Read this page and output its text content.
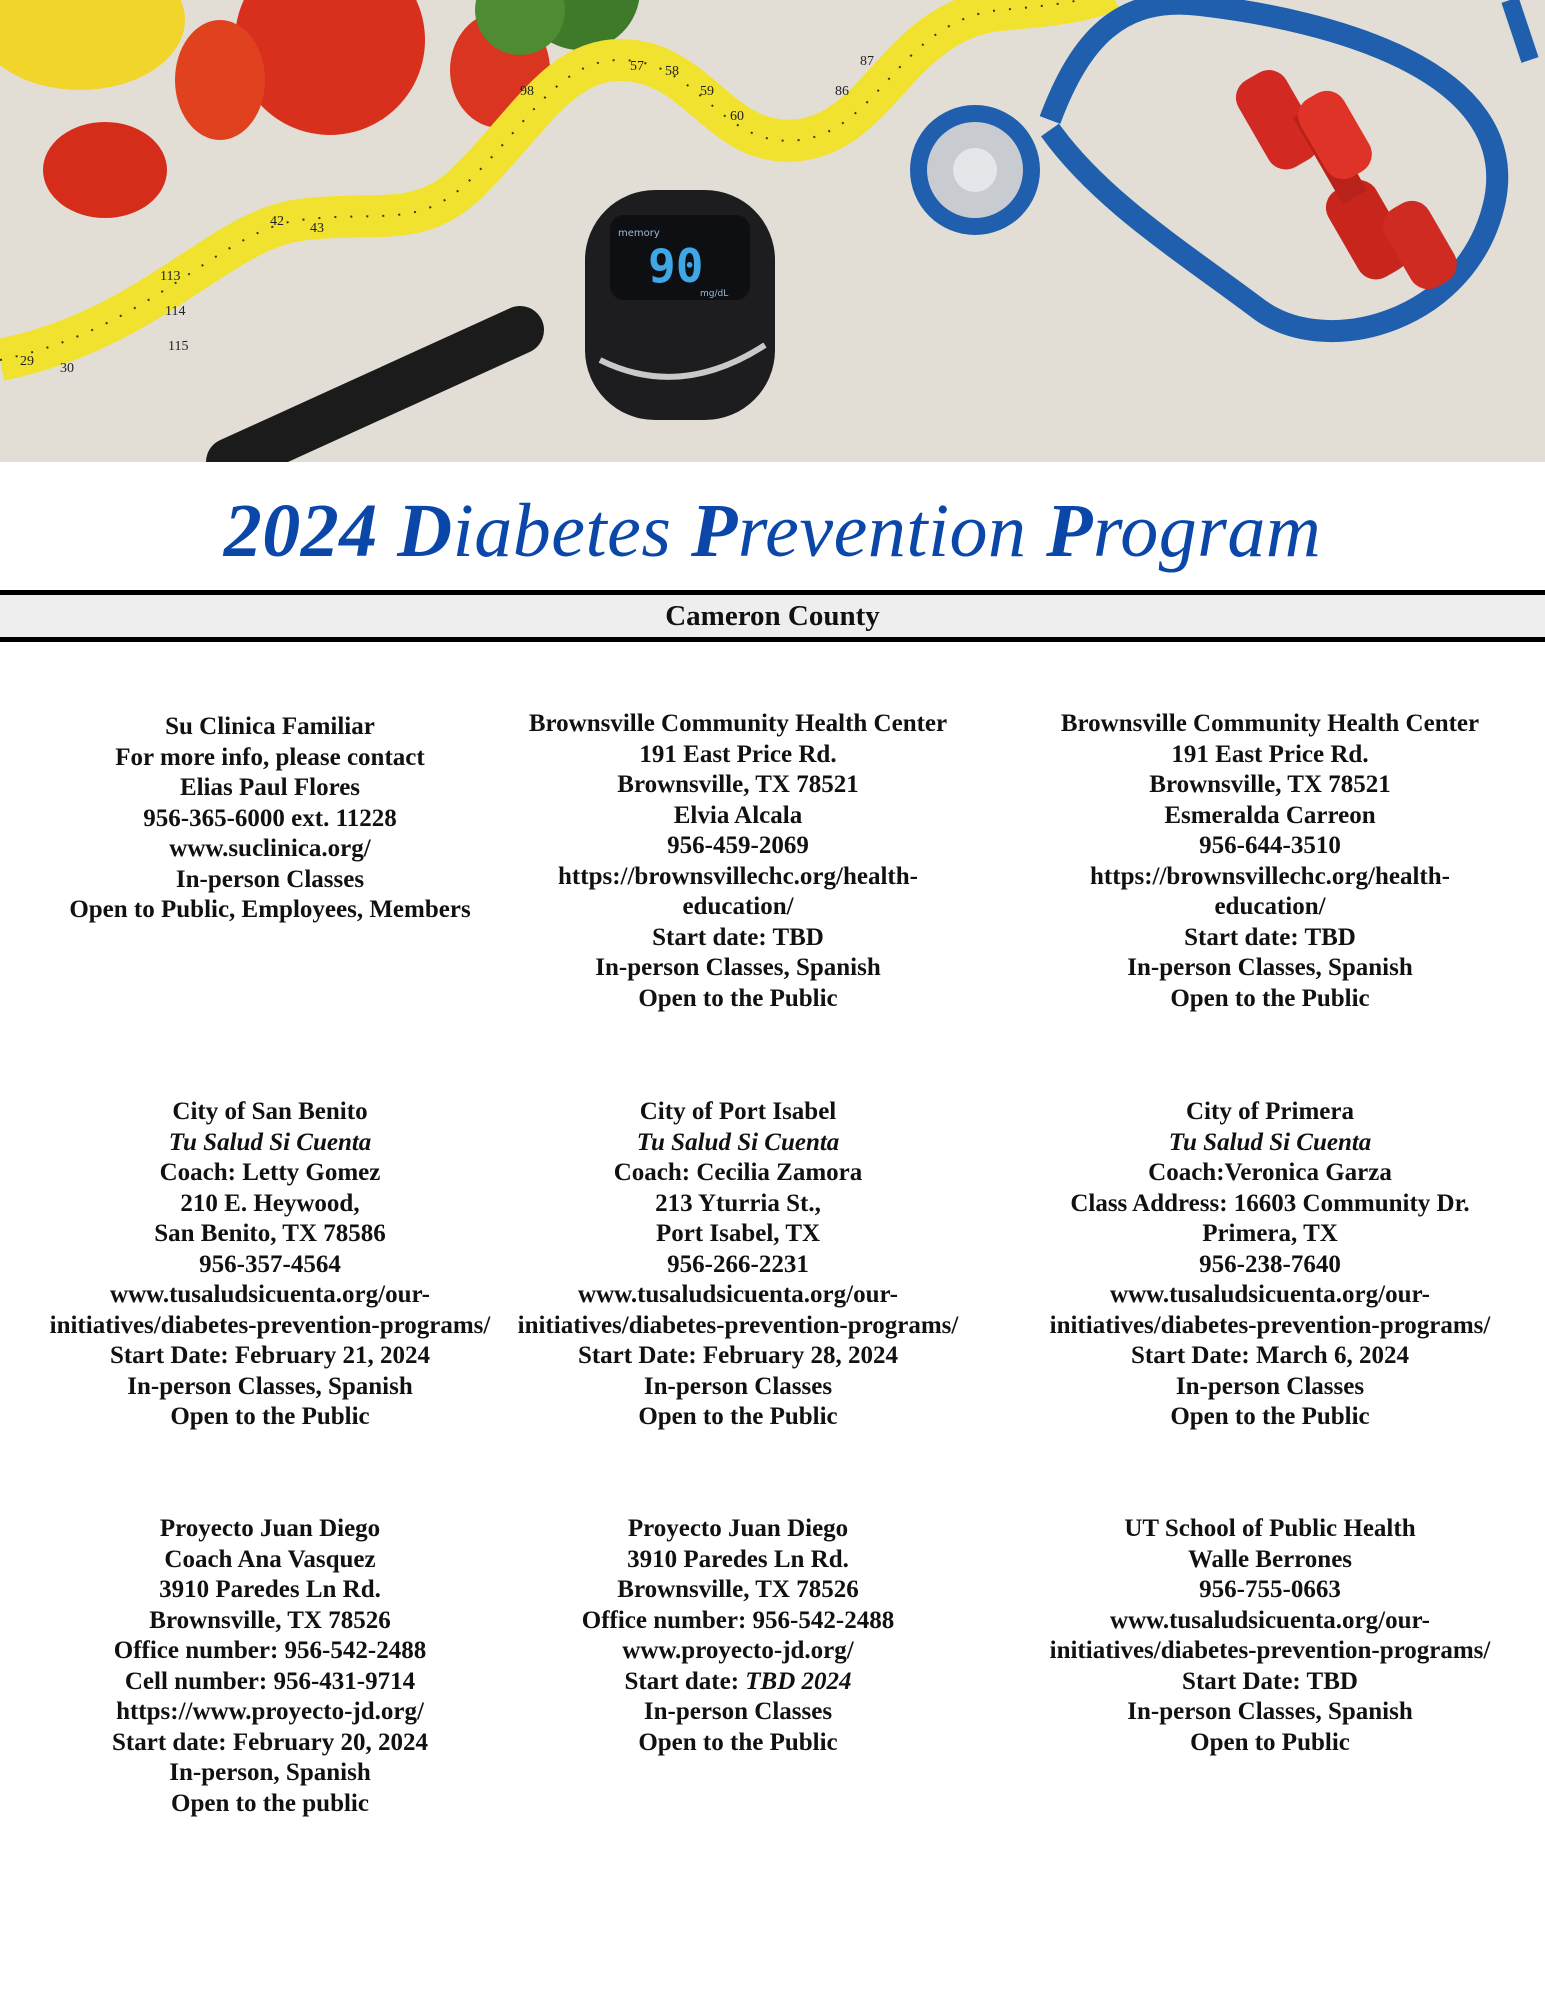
98
57 58
59
60
86
87
113
114
115
29 30
42 43	memory
90
mg/dL
2024 Diabetes Prevention Program
Cameron County
Su Clinica Familiar
For more info, please contact
Elias Paul Flores
956-365-6000 ext. 11228
www.suclinica.org/
In-person Classes
Open to Public, Employees, Members
Brownsville Community Health Center
191 East Price Rd.
Brownsville, TX 78521
Elvia Alcala
956-459-2069
https://brownsvillechc.org/health-
education/
Start date: TBD
In-person Classes, Spanish
Open to the Public
Brownsville Community Health Center
191 East Price Rd.
Brownsville, TX 78521
Esmeralda Carreon
956-644-3510
https://brownsvillechc.org/health-
education/
Start date: TBD
In-person Classes, Spanish
Open to the Public
City of San Benito
Tu Salud Si Cuenta
Coach: Letty Gomez
210 E. Heywood,
San Benito, TX 78586
956-357-4564
www.tusaludsicuenta.org/our-
initiatives/diabetes-prevention-programs/
Start Date: February 21, 2024
In-person Classes, Spanish
Open to the Public
City of Port Isabel
Tu Salud Si Cuenta
Coach: Cecilia Zamora
213 Yturria St.,
Port Isabel, TX
956-266-2231
www.tusaludsicuenta.org/our-
initiatives/diabetes-prevention-programs/
Start Date: February 28, 2024
In-person Classes
Open to the Public
City of Primera
Tu Salud Si Cuenta
Coach:Veronica Garza
Class Address: 16603 Community Dr.
Primera, TX
956-238-7640
www.tusaludsicuenta.org/our-
initiatives/diabetes-prevention-programs/
Start Date: March 6, 2024
In-person Classes
Open to the Public
Proyecto Juan Diego
Coach Ana Vasquez
3910 Paredes Ln Rd.
Brownsville, TX 78526
Office number: 956-542-2488
Cell number: 956-431-9714
https://www.proyecto-jd.org/
Start date: February 20, 2024
In-person, Spanish
Open to the public
Proyecto Juan Diego
3910 Paredes Ln Rd.
Brownsville, TX 78526
Office number: 956-542-2488
www.proyecto-jd.org/
Start date: TBD 2024
In-person Classes
Open to the Public
UT School of Public Health
Walle Berrones
956-755-0663
www.tusaludsicuenta.org/our-
initiatives/diabetes-prevention-programs/
Start Date: TBD
In-person Classes, Spanish
Open to Public
